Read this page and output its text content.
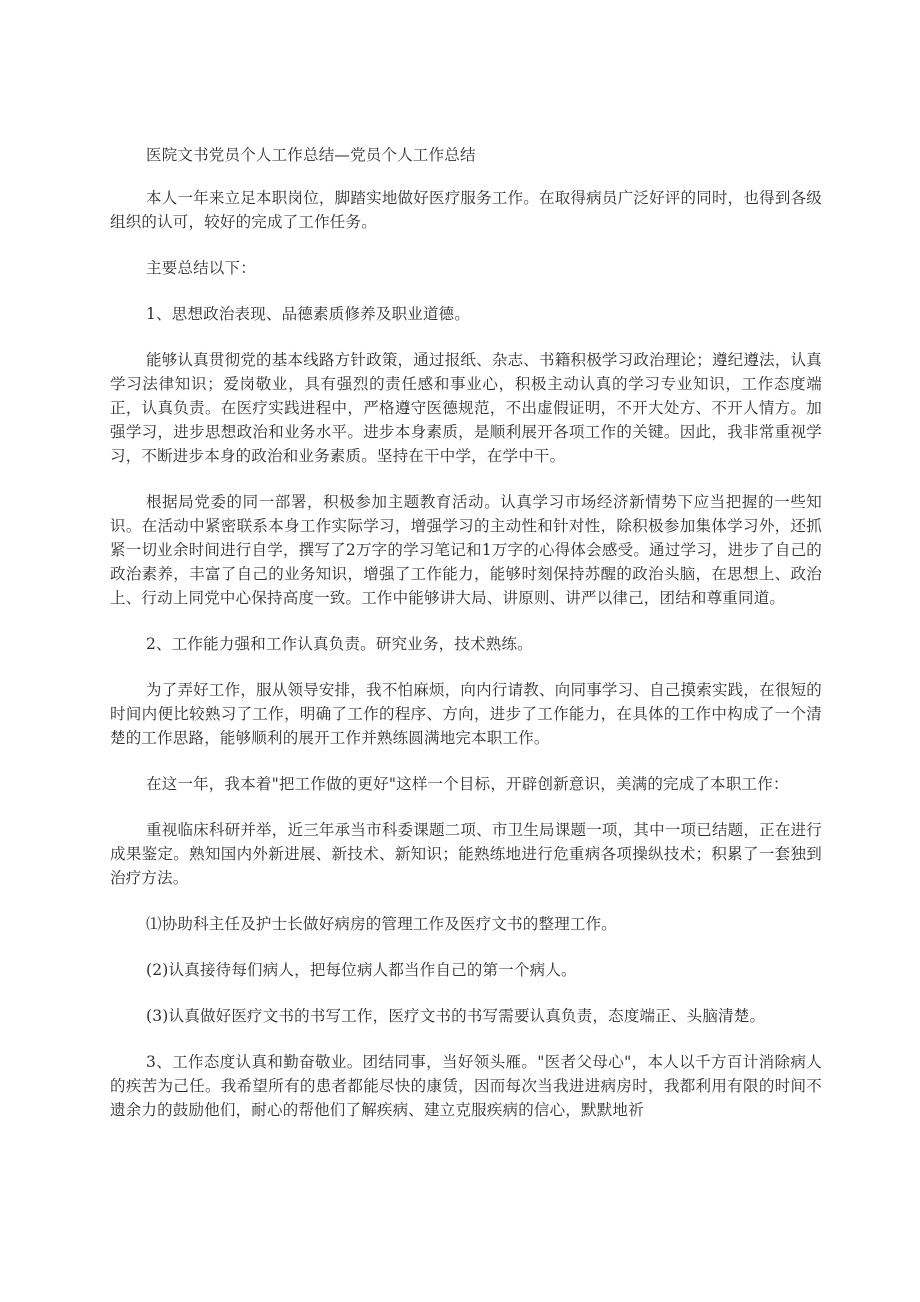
医院文书党员个人工作总结—党员个人工作总结

本人一年来立足本职岗位，脚踏实地做好医疗服务工作。在取得病员广泛好评的同时，也得到各级组织的认可，较好的完成了工作任务。

主要总结以下：

1、思想政治表现、品德素质修养及职业道德。

能够认真贯彻党的基本线路方针政策，通过报纸、杂志、书籍积极学习政治理论；遵纪遵法，认真学习法律知识；爱岗敬业，具有强烈的责任感和事业心，积极主动认真的学习专业知识，工作态度端正，认真负责。在医疗实践进程中，严格遵守医德规范，不出虚假证明，不开大处方、不开人情方。加强学习，进步思想政治和业务水平。进步本身素质，是顺利展开各项工作的关键。因此，我非常重视学习，不断进步本身的政治和业务素质。坚持在干中学，在学中干。

根据局党委的同一部署，积极参加主题教育活动。认真学习市场经济新情势下应当把握的一些知识。在活动中紧密联系本身工作实际学习，增强学习的主动性和针对性，除积极参加集体学习外，还抓紧一切业余时间进行自学，撰写了2万字的学习笔记和1万字的心得体会感受。通过学习，进步了自己的政治素养，丰富了自己的业务知识，增强了工作能力，能够时刻保持苏醒的政治头脑，在思想上、政治上、行动上同党中心保持高度一致。工作中能够讲大局、讲原则、讲严以律己，团结和尊重同道。

2、工作能力强和工作认真负责。研究业务，技术熟练。

为了弄好工作，服从领导安排，我不怕麻烦，向内行请教、向同事学习、自己摸索实践，在很短的时间内便比较熟习了工作，明确了工作的程序、方向，进步了工作能力，在具体的工作中构成了一个清楚的工作思路，能够顺利的展开工作并熟练圆满地完本职工作。

在这一年，我本着"把工作做的更好"这样一个目标，开辟创新意识，美满的完成了本职工作：

重视临床科研并举，近三年承当市科委课题二项、市卫生局课题一项，其中一项已结题，正在进行成果鉴定。熟知国内外新进展、新技术、新知识；能熟练地进行危重病各项操纵技术；积累了一套独到治疗方法。

⑴协助科主任及护士长做好病房的管理工作及医疗文书的整理工作。

(2)认真接待每们病人，把每位病人都当作自己的第一个病人。

(3)认真做好医疗文书的书写工作，医疗文书的书写需要认真负责，态度端正、头脑清楚。

3、工作态度认真和勤奋敬业。团结同事，当好领头雁。"医者父母心"，本人以千方百计消除病人的疾苦为己任。我希望所有的患者都能尽快的康赁，因而每次当我进进病房时，我都利用有限的时间不遗余力的鼓励他们，耐心的帮他们了解疾病、建立克服疾病的信心，默默地祈
